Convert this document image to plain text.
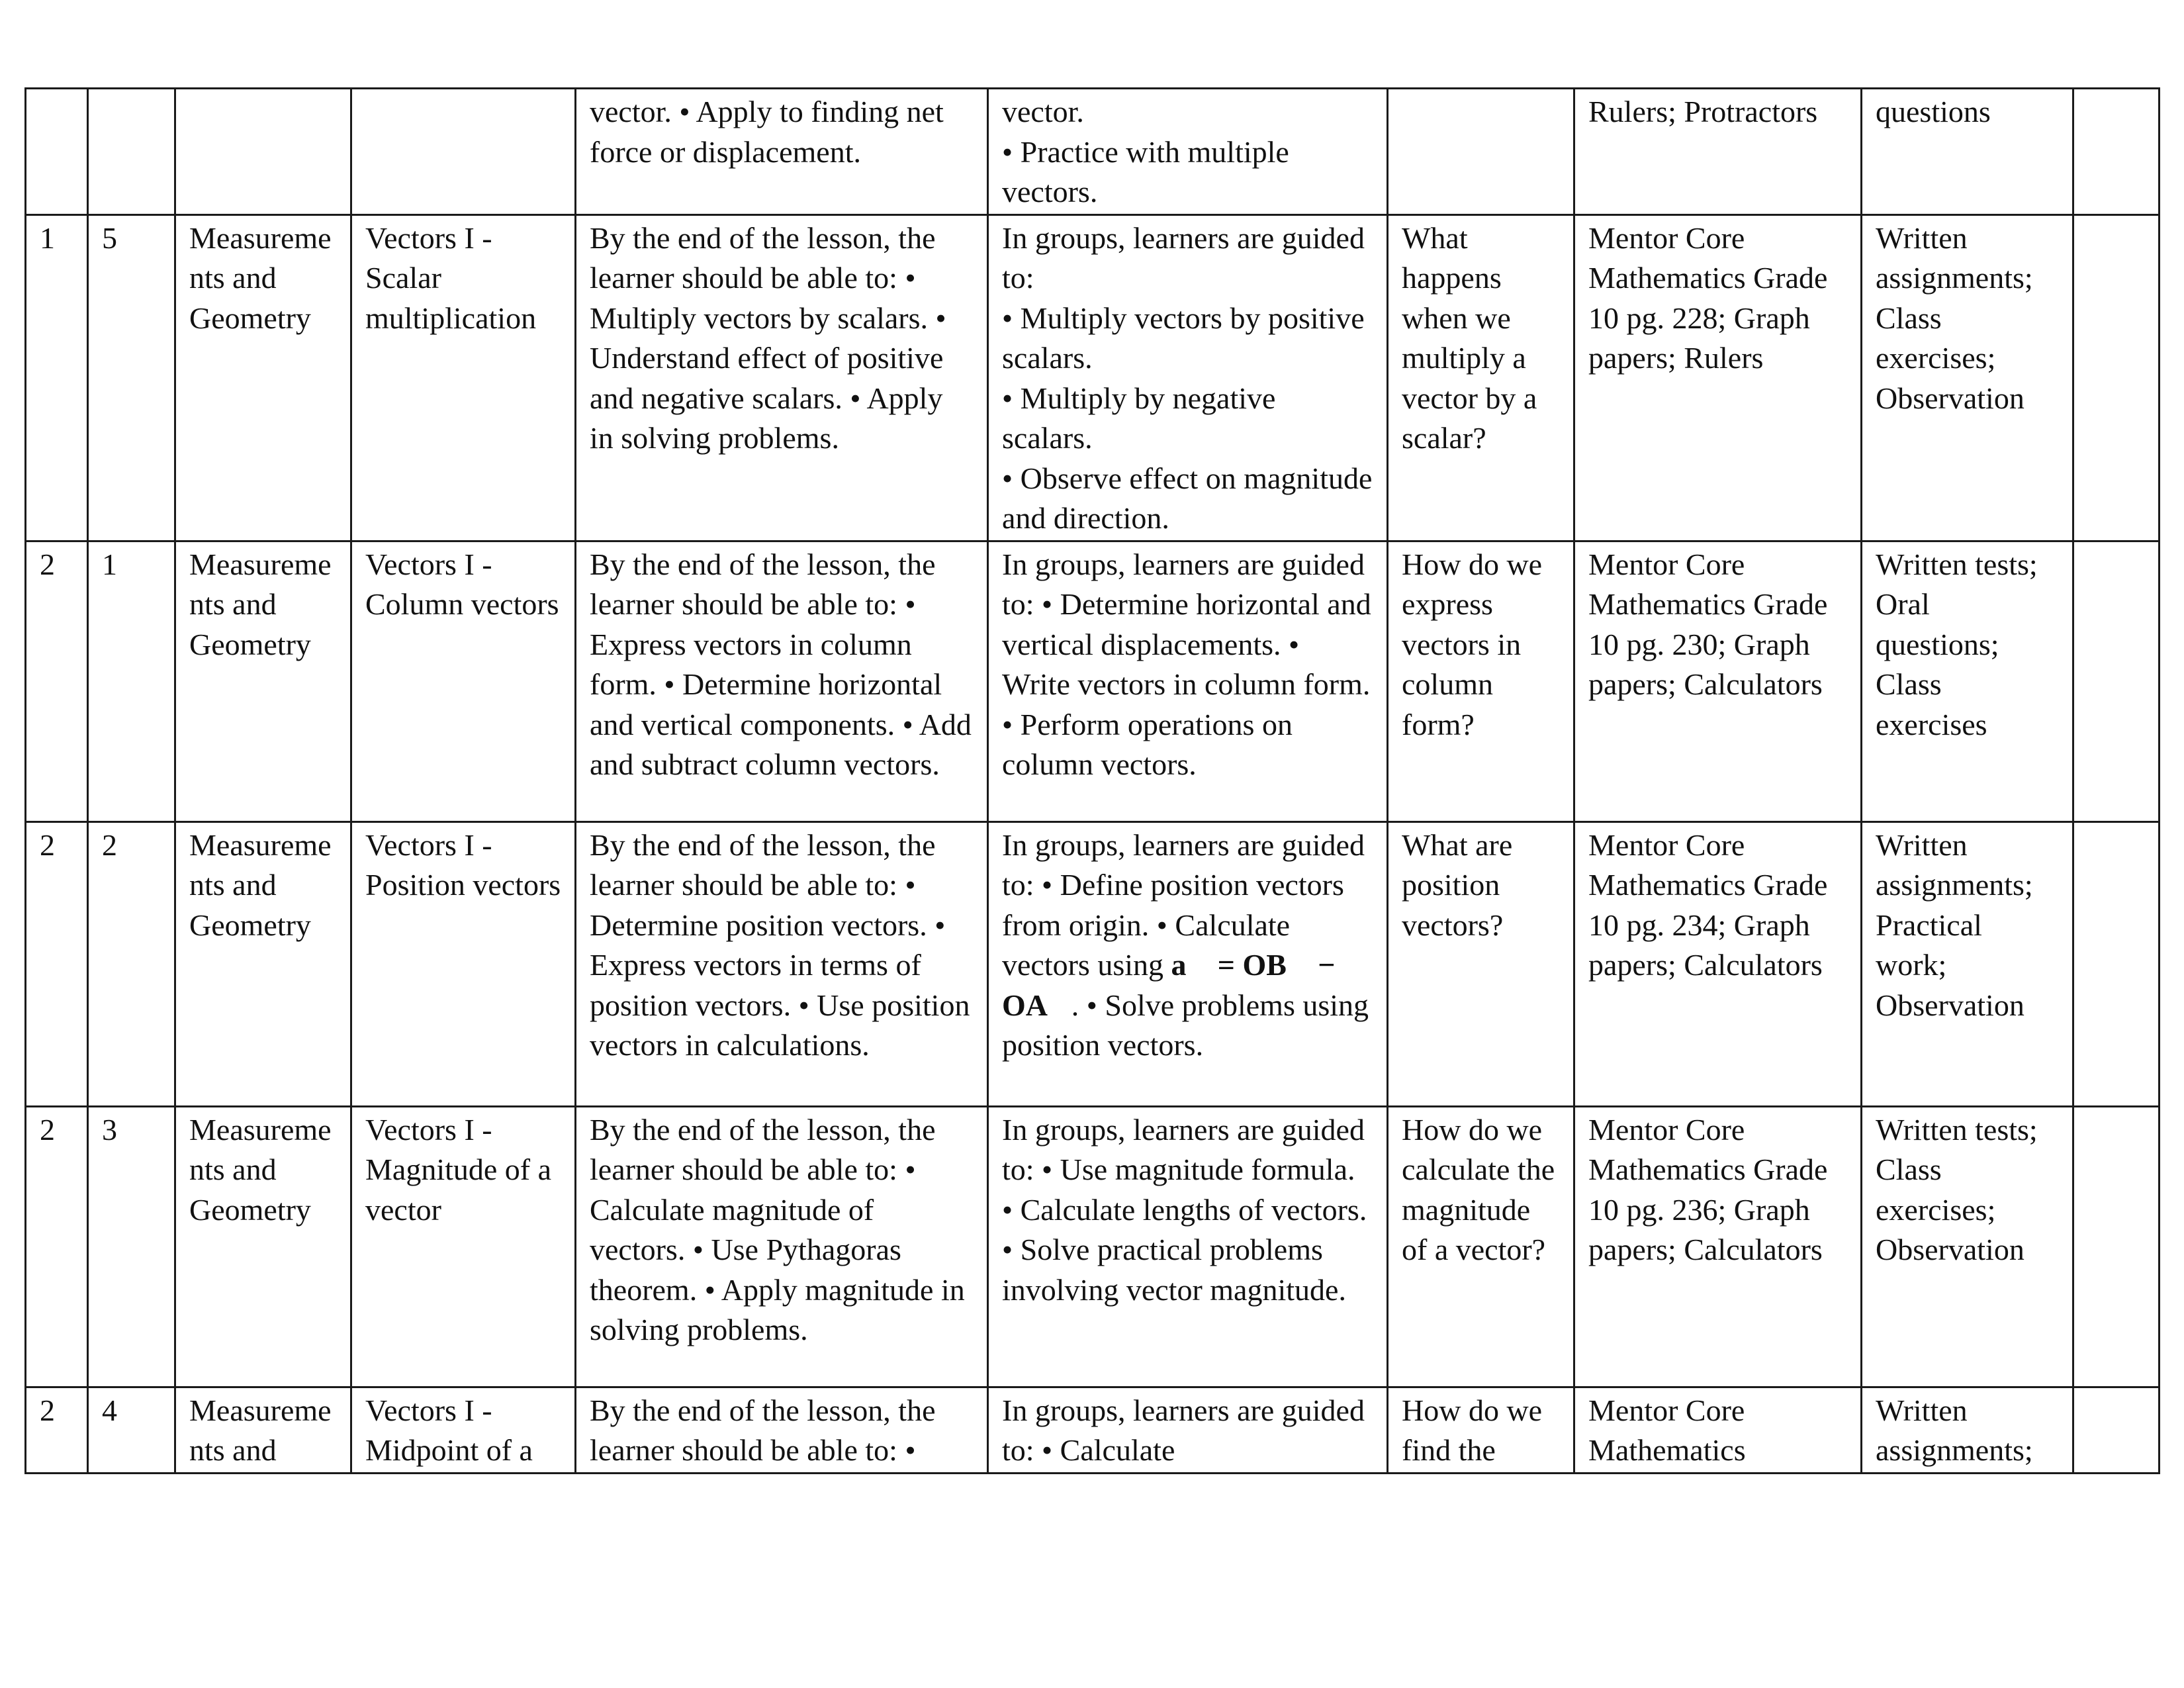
				vector. • Apply to finding net force or displacement.	vector.
• Practice with multiple vectors.		Rulers; Protractors	questions	
1	5	Measurements and Geometry	Vectors I - Scalar multiplication	By the end of the lesson, the learner should be able to: • Multiply vectors by scalars. • Understand effect of positive and negative scalars. • Apply in solving problems.	In groups, learners are guided to:
• Multiply vectors by positive scalars.
• Multiply by negative scalars.
• Observe effect on magnitude and direction.	What happens when we multiply a vector by a scalar?	Mentor Core Mathematics Grade 10 pg. 228; Graph papers; Rulers	Written assignments; Class exercises; Observation	
2	1	Measurements and Geometry	Vectors I - Column vectors	By the end of the lesson, the learner should be able to: • Express vectors in column form. • Determine horizontal and vertical components. • Add and subtract column vectors.	In groups, learners are guided to: • Determine horizontal and vertical displacements. • Write vectors in column form. • Perform operations on column vectors.	How do we express vectors in column form?	Mentor Core Mathematics Grade 10 pg. 230; Graph papers; Calculators	Written tests; Oral questions; Class exercises	
2	2	Measurements and Geometry	Vectors I - Position vectors	By the end of the lesson, the learner should be able to: • Determine position vectors. • Express vectors in terms of position vectors. • Use position vectors in calculations.	In groups, learners are guided to: • Define position vectors from origin. • Calculate vectors using a⃗ = OB⃗ − OA⃗. • Solve problems using position vectors.	What are position vectors?	Mentor Core Mathematics Grade 10 pg. 234; Graph papers; Calculators	Written assignments; Practical work; Observation	
2	3	Measurements and Geometry	Vectors I - Magnitude of a vector	By the end of the lesson, the learner should be able to: • Calculate magnitude of vectors. • Use Pythagoras theorem. • Apply magnitude in solving problems.	In groups, learners are guided to: • Use magnitude formula. • Calculate lengths of vectors. • Solve practical problems involving vector magnitude.	How do we calculate the magnitude of a vector?	Mentor Core Mathematics Grade 10 pg. 236; Graph papers; Calculators	Written tests; Class exercises; Observation	
2	4	Measurements and	Vectors I - Midpoint of a	By the end of the lesson, the learner should be able to: •	In groups, learners are guided to: • Calculate	How do we find the	Mentor Core Mathematics	Written assignments;	
